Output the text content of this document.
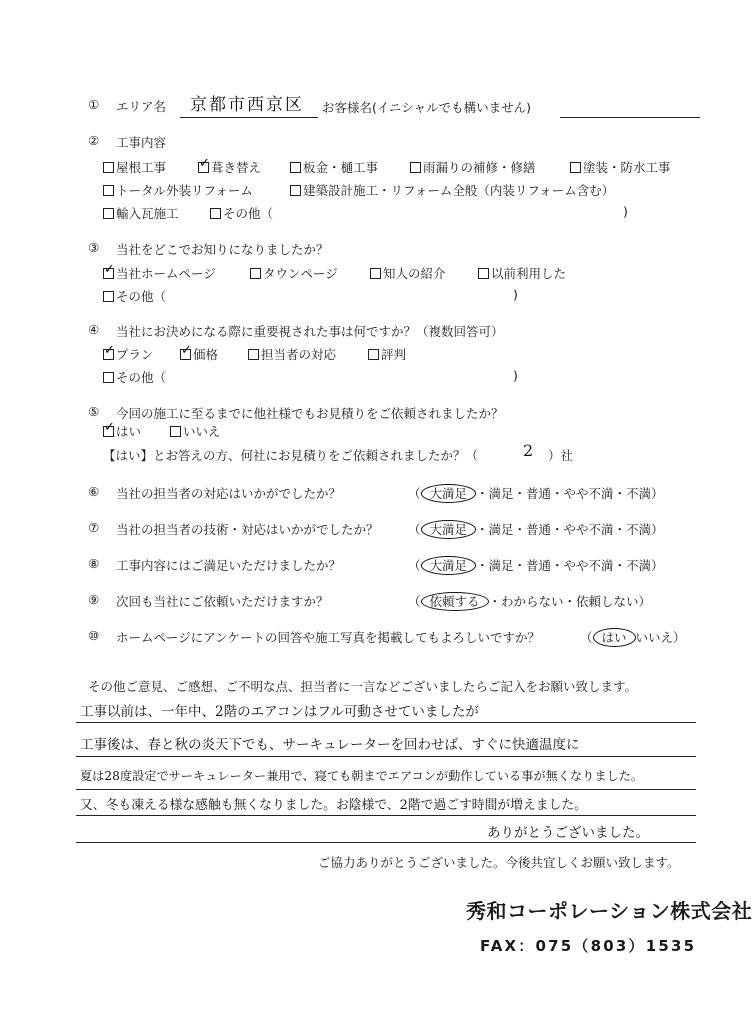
① エリア名 京都市西京区 お客様名(イニシャルでも構いません)
② 工事内容
屋根工事 ✓	葺き替え	板金・樋工事	雨漏りの補修・修繕	塗装・防水工事
トータル外装リフォーム	建築設計施工・リフォーム全般（内装リフォーム含む）
輸入瓦施工	その他（	)
③ 当社をどこでお知りになりましたか？
✓当社ホームページ	タウンページ	知人の紹介	以前利用した
その他（	)
④ 当社にお決めになる際に重要視された事は何ですか？（複数回答可）
✓プラン ✓	価格	担当者の対応	評判
その他（	)
⑤ 今回の施工に至るまでに他社様でもお見積りをご依頼されましたか？
✓はい	いいえ
【はい】とお答えの方、何社にお見積りをご依頼されましたか？（	2 ）社
⑥ 当社の担当者の対応はいかがでしたか？	（ 大満足 ・満足・普通・やや不満・不満）
⑦ 当社の担当者の技術・対応はいかがでしたか？ （ 大満足 ・満足・普通・やや不満・不満）
⑧ 工事内容にはご満足いただけましたか？	（ 大満足 ・満足・普通・やや不満・不満）
⑨ 次回も当社にご依頼いただけますか？	（ 依頼する ・わからない・依頼しない）
⑩ ホームページにアンケートの回答や施工写真を掲載してもよろしいですか？	（ はい いいえ）
その他ご意見、ご感想、ご不明な点、担当者に一言などございましたらご記入をお願い致します。
工事以前は、一年中、2階のエアコンはフル可動させていましたが
工事後は、春と秋の炎天下でも、サーキュレーターを回わせば、すぐに快適温度に
夏は28度設定でサーキュレーター兼用で、寝ても朝までエアコンが動作している事が無くなりました。
又、冬も凍える様な感触も無くなりました。お陰様で、2階で過ごす時間が増えました。
ありがとうございました。
ご協力ありがとうございました。今後共宜しくお願い致します。
秀和コーポレーション株式会社
FAX：075（803）1535
